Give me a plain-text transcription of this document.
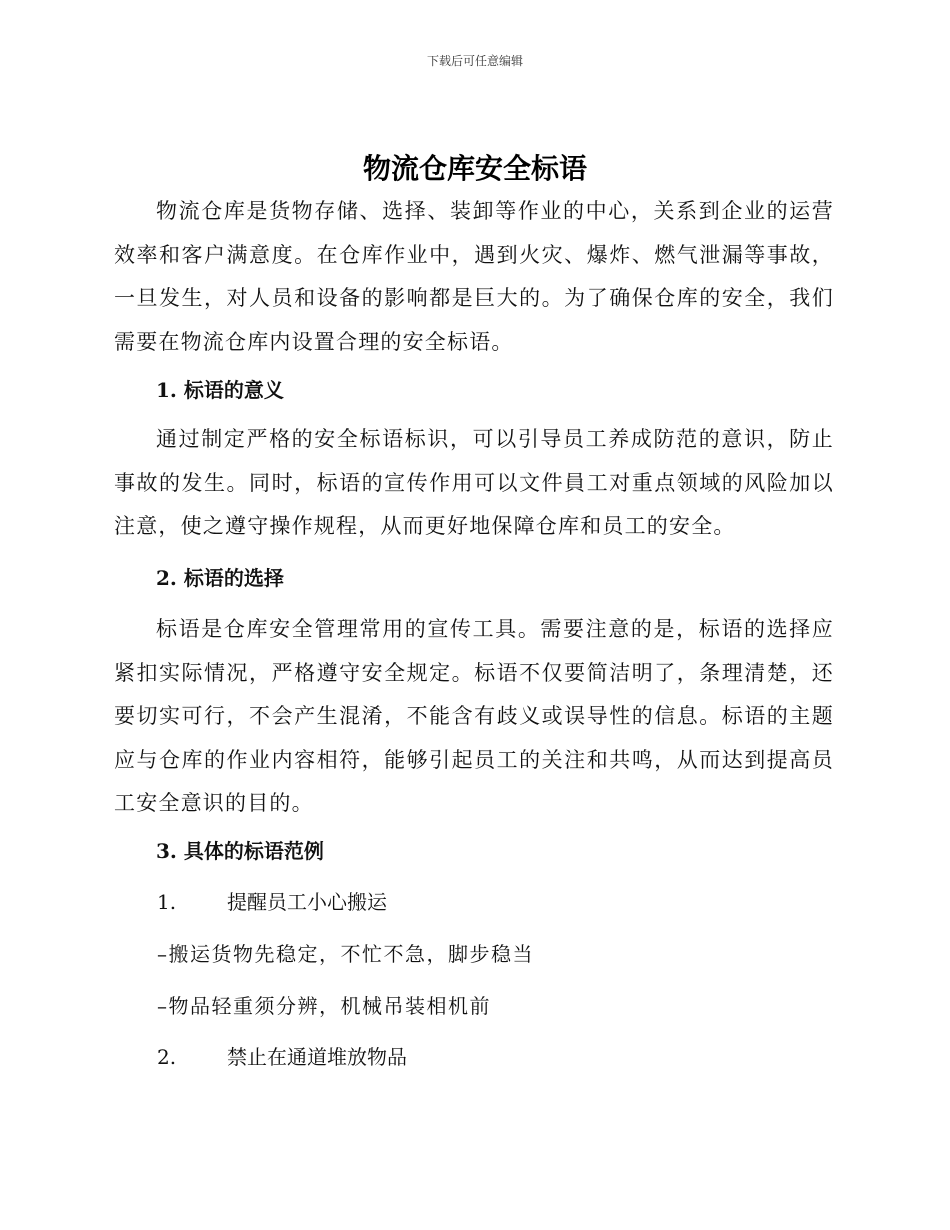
下载后可任意编辑
物流仓库安全标语

物流仓库是货物存储、选择、装卸等作业的中心，关系到企业的运营效率和客户满意度。在仓库作业中，遇到火灾、爆炸、燃气泄漏等事故，一旦发生，对人员和设备的影响都是巨大的。为了确保仓库的安全，我们需要在物流仓库内设置合理的安全标语。

1. 标语的意义

通过制定严格的安全标语标识，可以引导员工养成防范的意识，防止事故的发生。同时，标语的宣传作用可以文件員工对重点领域的风险加以注意，使之遵守操作规程，从而更好地保障仓库和员工的安全。

2. 标语的选择

标语是仓库安全管理常用的宣传工具。需要注意的是，标语的选择应紧扣实际情况，严格遵守安全规定。标语不仅要简洁明了，条理清楚，还要切实可行，不会产生混淆，不能含有歧义或误导性的信息。标语的主题应与仓库的作业内容相符，能够引起员工的关注和共鸣，从而达到提高员工安全意识的目的。

3. 具体的标语范例
1.	提醒员工小心搬运
–搬运货物先稳定，不忙不急，脚步稳当
–物品轻重须分辨，机械吊装相机前
2.	禁止在通道堆放物品
